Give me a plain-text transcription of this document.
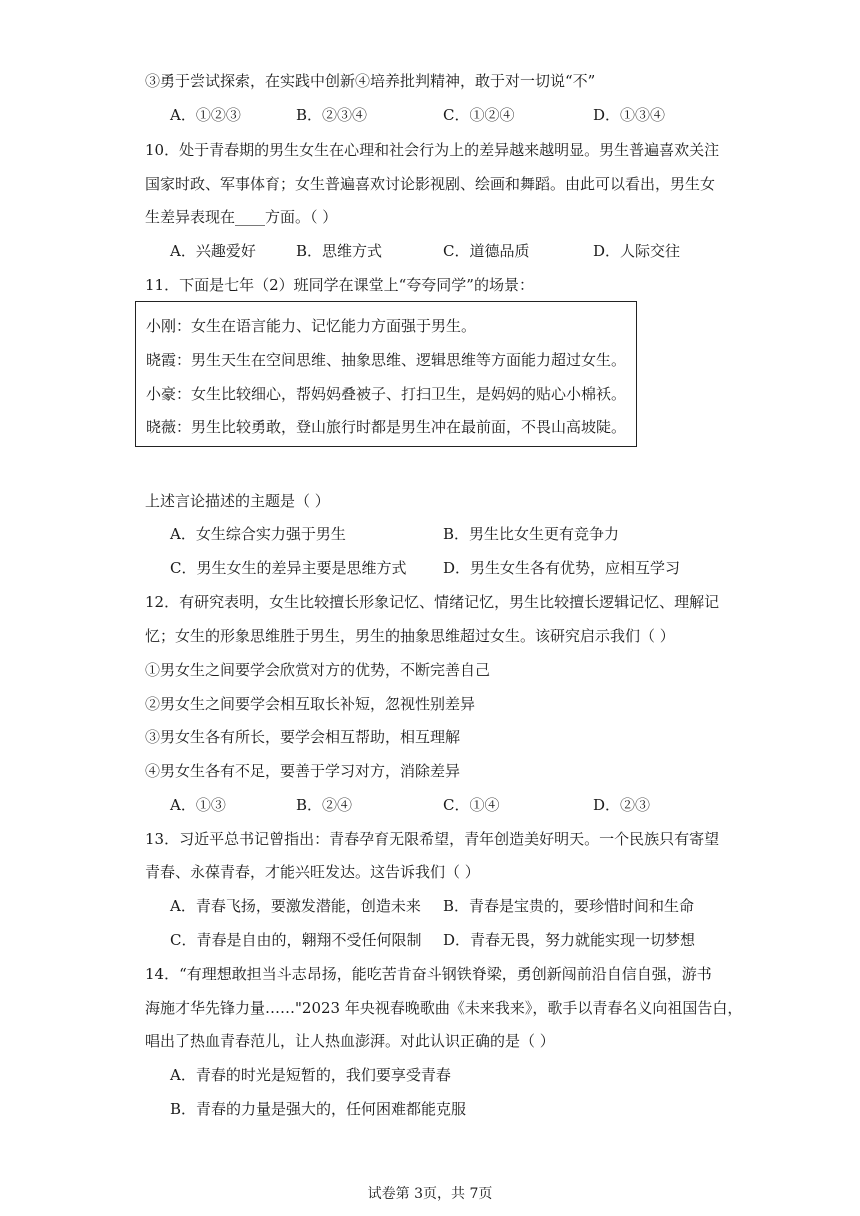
③勇于尝试探索，在实践中创新④培养批判精神，敢于对一切说“不”
A．①②③	B．②③④	C．①②④	D．①③④
10．处于青春期的男生女生在心理和社会行为上的差异越来越明显。男生普遍喜欢关注
国家时政、军事体育；女生普遍喜欢讨论影视剧、绘画和舞蹈。由此可以看出，男生女
生差异表现在____方面。（ ）
A．兴趣爱好	B．思维方式	C．道德品质	D．人际交往
11．下面是七年（2）班同学在课堂上“夸夸同学”的场景：
小刚：女生在语言能力、记忆能力方面强于男生。
晓霞：男生天生在空间思维、抽象思维、逻辑思维等方面能力超过女生。
小豪：女生比较细心，帮妈妈叠被子、打扫卫生，是妈妈的贴心小棉袄。
晓薇：男生比较勇敢，登山旅行时都是男生冲在最前面，不畏山高坡陡。
上述言论描述的主题是（ ）
A．女生综合实力强于男生	B．男生比女生更有竞争力
C．男生女生的差异主要是思维方式 D．男生女生各有优势，应相互学习
12．有研究表明，女生比较擅长形象记忆、情绪记忆，男生比较擅长逻辑记忆、理解记
忆；女生的形象思维胜于男生，男生的抽象思维超过女生。该研究启示我们（ ）
①男女生之间要学会欣赏对方的优势，不断完善自己
②男女生之间要学会相互取长补短，忽视性别差异
③男女生各有所长，要学会相互帮助，相互理解
④男女生各有不足，要善于学习对方，消除差异
A．①③	B．②④	C．①④	D．②③
13．习近平总书记曾指出：青春孕育无限希望，青年创造美好明天。一个民族只有寄望
青春、永葆青春，才能兴旺发达。这告诉我们（ ）
A．青春飞扬，要激发潜能，创造未来 B．青春是宝贵的，要珍惜时间和生命
C．青春是自由的，翱翔不受任何限制 D．青春无畏，努力就能实现一切梦想
14．“有理想敢担当斗志昂扬，能吃苦肯奋斗钢铁脊梁，勇创新闯前沿自信自强，游书
海施才华先锋力量……"2023 年央视春晚歌曲《未来我来》，歌手以青春名义向祖国告白，
唱出了热血青春范儿，让人热血澎湃。对此认识正确的是（ ）
A．青春的时光是短暂的，我们要享受青春
B．青春的力量是强大的，任何困难都能克服
试卷第 3页，共 7页
